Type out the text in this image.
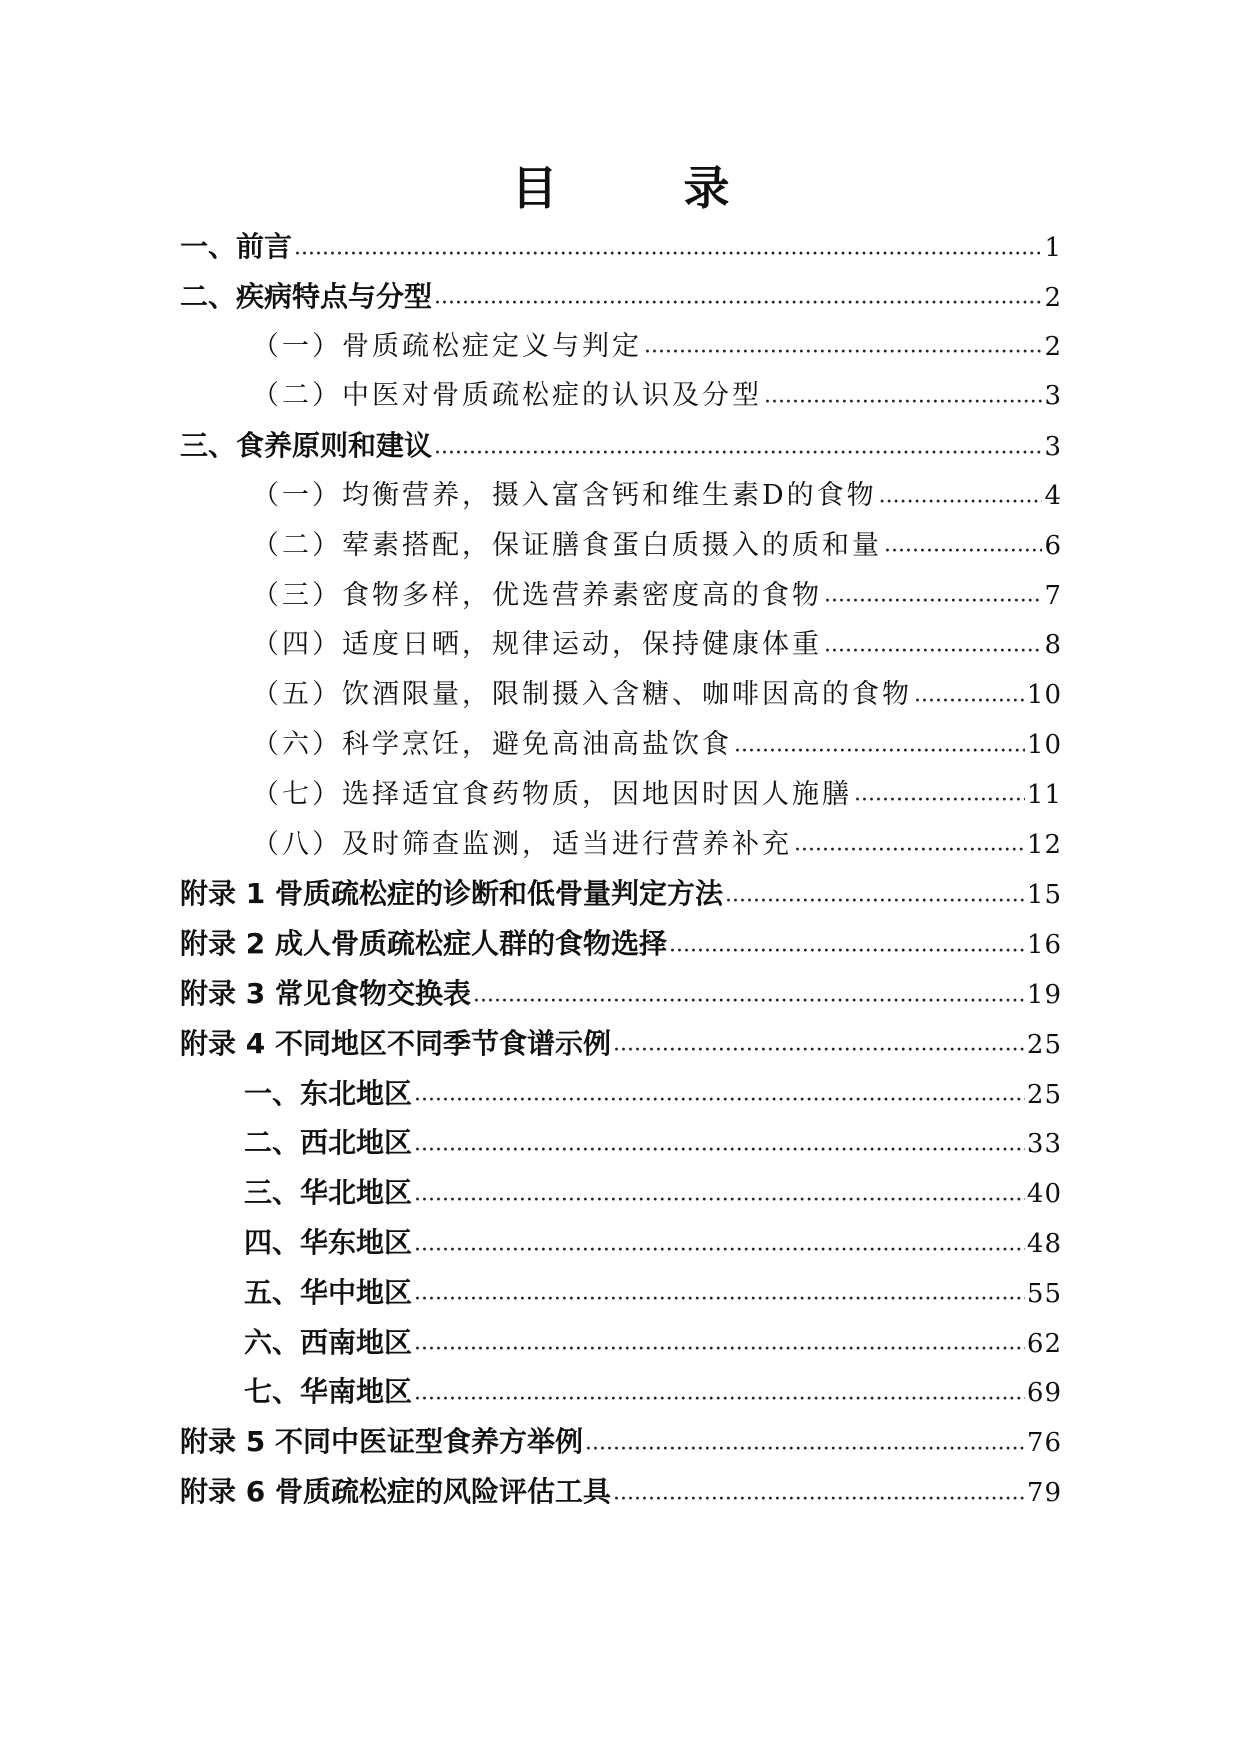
目　录
一、前言 ·····	1
二、疾病特点与分型 ·····	2
（一）骨质疏松症定义与判定 ·····	2
（二）中医对骨质疏松症的认识及分型 ·····	3
三、食养原则和建议 ·····	3
（一）均衡营养，摄入富含钙和维生素D的食物 ·····	4
（二）荤素搭配，保证膳食蛋白质摄入的质和量 ·····	6
（三）食物多样，优选营养素密度高的食物 ·····	7
（四）适度日晒，规律运动，保持健康体重 ·····	8
（五）饮酒限量，限制摄入含糖、咖啡因高的食物 ·····	10
（六）科学烹饪，避免高油高盐饮食 ·····	10
（七）选择适宜食药物质，因地因时因人施膳 ·····	11
（八）及时筛查监测，适当进行营养补充 ·····	12
附录 1 骨质疏松症的诊断和低骨量判定方法 ·····	15
附录 2 成人骨质疏松症人群的食物选择 ·····	16
附录 3 常见食物交换表 ·····	19
附录 4 不同地区不同季节食谱示例 ·····	25
一、东北地区 ·····	25
二、西北地区 ·····	33
三、华北地区 ·····	40
四、华东地区 ·····	48
五、华中地区 ·····	55
六、西南地区 ·····	62
七、华南地区 ·····	69
附录 5 不同中医证型食养方举例 ·····	76
附录 6 骨质疏松症的风险评估工具 ·····	79
